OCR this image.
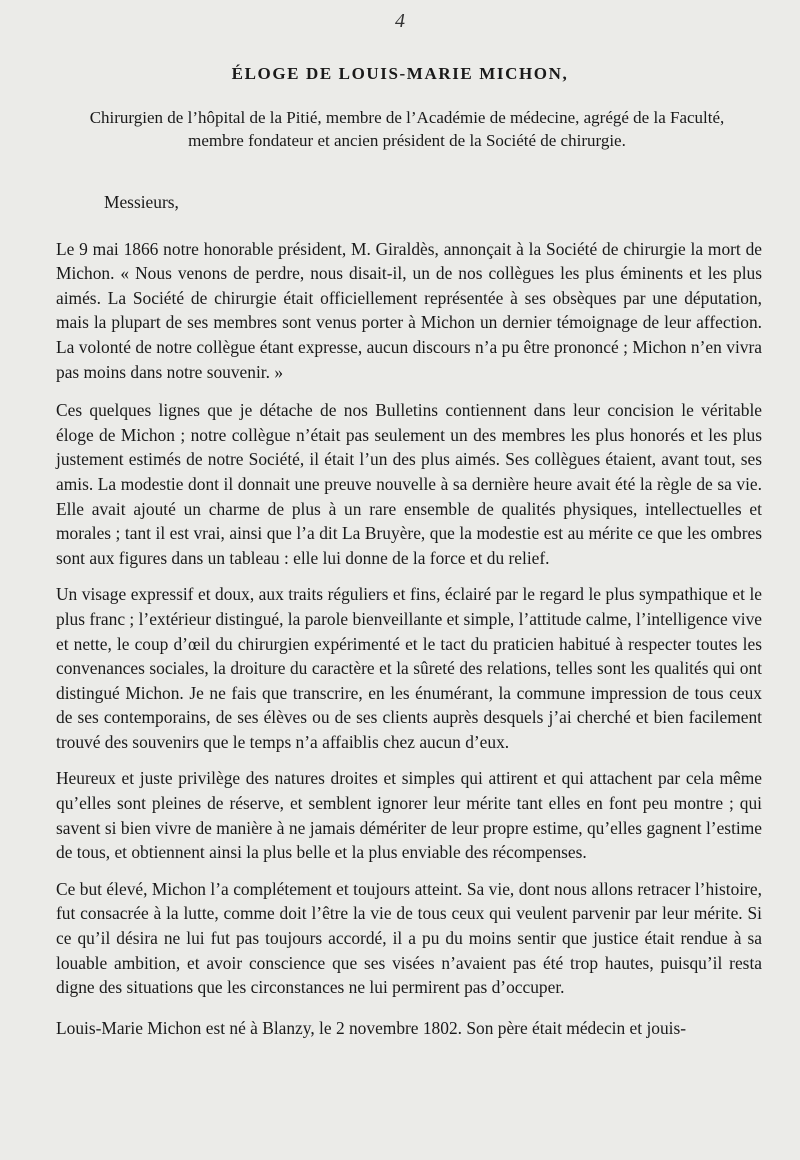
4
ÉLOGE DE LOUIS-MARIE MICHON,
Chirurgien de l’hôpital de la Pitié, membre de l’Académie de médecine, agrégé de la Faculté,
membre fondateur et ancien président de la Société de chirurgie.

Messieurs,

Le 9 mai 1866 notre honorable président, M. Giraldès, annonçait à la Société de chirurgie la mort de Michon. « Nous venons de perdre, nous disait-il, un de nos collègues les plus éminents et les plus aimés. La Société de chirurgie était officiellement représentée à ses obsèques par une députation, mais la plupart de ses membres sont venus porter à Michon un dernier témoignage de leur affection. La volonté de notre collègue étant expresse, aucun discours n’a pu être prononcé ; Michon n’en vivra pas moins dans notre souvenir. »

Ces quelques lignes que je détache de nos Bulletins contiennent dans leur concision le véritable éloge de Michon ; notre collègue n’était pas seulement un des membres les plus honorés et les plus justement estimés de notre Société, il était l’un des plus aimés. Ses collègues étaient, avant tout, ses amis. La modestie dont il donnait une preuve nouvelle à sa dernière heure avait été la règle de sa vie. Elle avait ajouté un charme de plus à un rare ensemble de qualités physiques, intellectuelles et morales ; tant il est vrai, ainsi que l’a dit La Bruyère, que la modestie est au mérite ce que les ombres sont aux figures dans un tableau : elle lui donne de la force et du relief.

Un visage expressif et doux, aux traits réguliers et fins, éclairé par le regard le plus sympathique et le plus franc ; l’extérieur distingué, la parole bienveillante et simple, l’attitude calme, l’intelligence vive et nette, le coup d’œil du chirurgien expérimenté et le tact du praticien habitué à respecter toutes les convenances sociales, la droiture du caractère et la sûreté des relations, telles sont les qualités qui ont distingué Michon. Je ne fais que transcrire, en les énumérant, la commune impression de tous ceux de ses contemporains, de ses élèves ou de ses clients auprès desquels j’ai cherché et bien facilement trouvé des souvenirs que le temps n’a affaiblis chez aucun d’eux.

Heureux et juste privilège des natures droites et simples qui attirent et qui attachent par cela même qu’elles sont pleines de réserve, et semblent ignorer leur mérite tant elles en font peu montre ; qui savent si bien vivre de manière à ne jamais démériter de leur propre estime, qu’elles gagnent l’estime de tous, et obtiennent ainsi la plus belle et la plus enviable des récompenses.

Ce but élevé, Michon l’a complétement et toujours atteint. Sa vie, dont nous allons retracer l’histoire, fut consacrée à la lutte, comme doit l’être la vie de tous ceux qui veulent parvenir par leur mérite. Si ce qu’il désira ne lui fut pas toujours accordé, il a pu du moins sentir que justice était rendue à sa louable ambition, et avoir conscience que ses visées n’avaient pas été trop hautes, puisqu’il resta digne des situations que les circonstances ne lui permirent pas d’occuper.

Louis-Marie Michon est né à Blanzy, le 2 novembre 1802. Son père était médecin et jouis-
